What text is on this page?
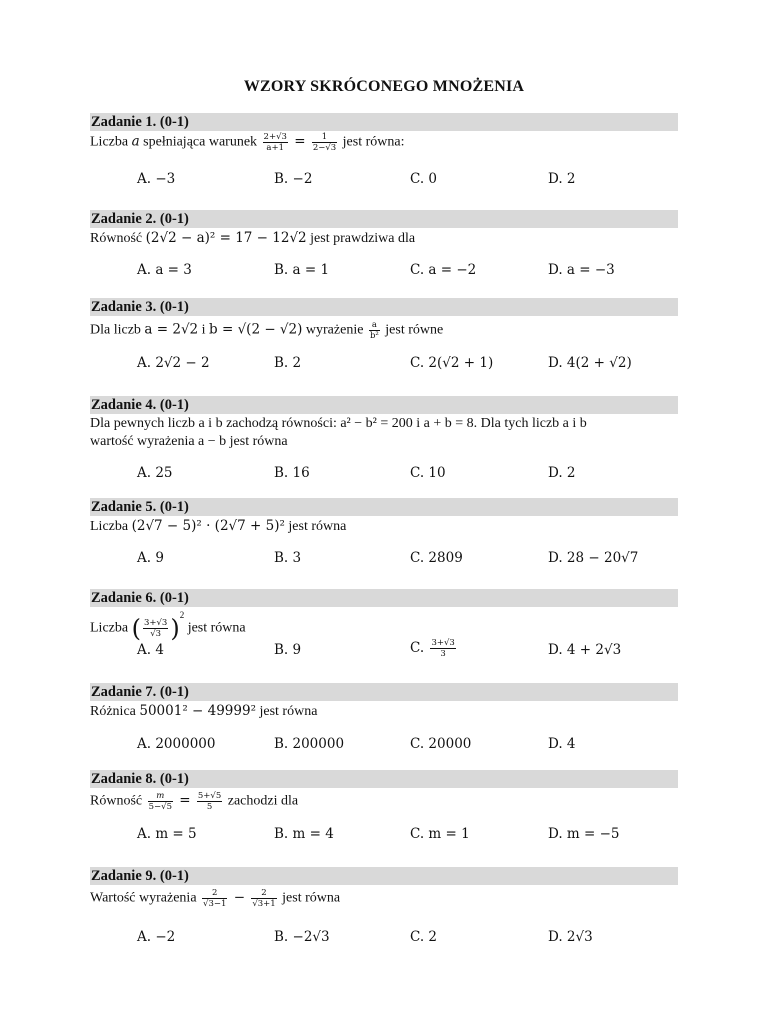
WZORY SKRÓCONEGO MNOŻENIA
Zadanie 1. (0-1)
Liczba a spełniająca warunek $\frac{2+√3}{a+1} = \frac{1}{2-√3}$ jest równa:
A. −3	B. −2	C. 0	D. 2
Zadanie 2. (0-1)
Równość (2√2 − a)² = 17 − 12√2 jest prawdziwa dla
A. a = 3	B. a = 1	C. a = −2	D. a = −3
Zadanie 3. (0-1)
Dla liczb a = 2√2 i b = √(2 − √2) wyrażenie $\frac{a}{\text{b²}}$ jest równe
A. 2√2 − 2	B. 2	C. 2(√2 + 1)	D. 4(2 + √2)
Zadanie 4. (0-1)
Dla pewnych liczb a i b zachodzą równości: a² − b² = 200 i a + b = 8. Dla tych liczb a i b
wartość wyrażenia a − b jest równa
A. 25	B. 16	C. 10	D. 2
Zadanie 5. (0-1)
Liczba (2√7 − 5)² · (2√7 + 5)² jest równa
A. 9	B. 3	C. 2809	D. 28 − 20√7
Zadanie 6. (0-1)
Liczba ( $\frac{3+√3}{√3} )^2$ jest równa
A. 4	B. 9	C. $\frac{3+√3}{3}$	D. 4 + 2√3
Zadanie 7. (0-1)
Różnica 50001² − 49999² jest równa
A. 2000000	B. 200000	C. 20000	D. 4
Zadanie 8. (0-1)
Równość $\frac{m}{5-√5} = \frac{5+√5}{5}$ zachodzi dla
A. m = 5	B. m = 4	C. m = 1	D. m = −5
Zadanie 9. (0-1)
Wartość wyrażenia $\frac{2}{√3-1} - \frac{2}{√3+1}$ jest równa
A. −2	B. −2√3	C. 2	D. 2√3
